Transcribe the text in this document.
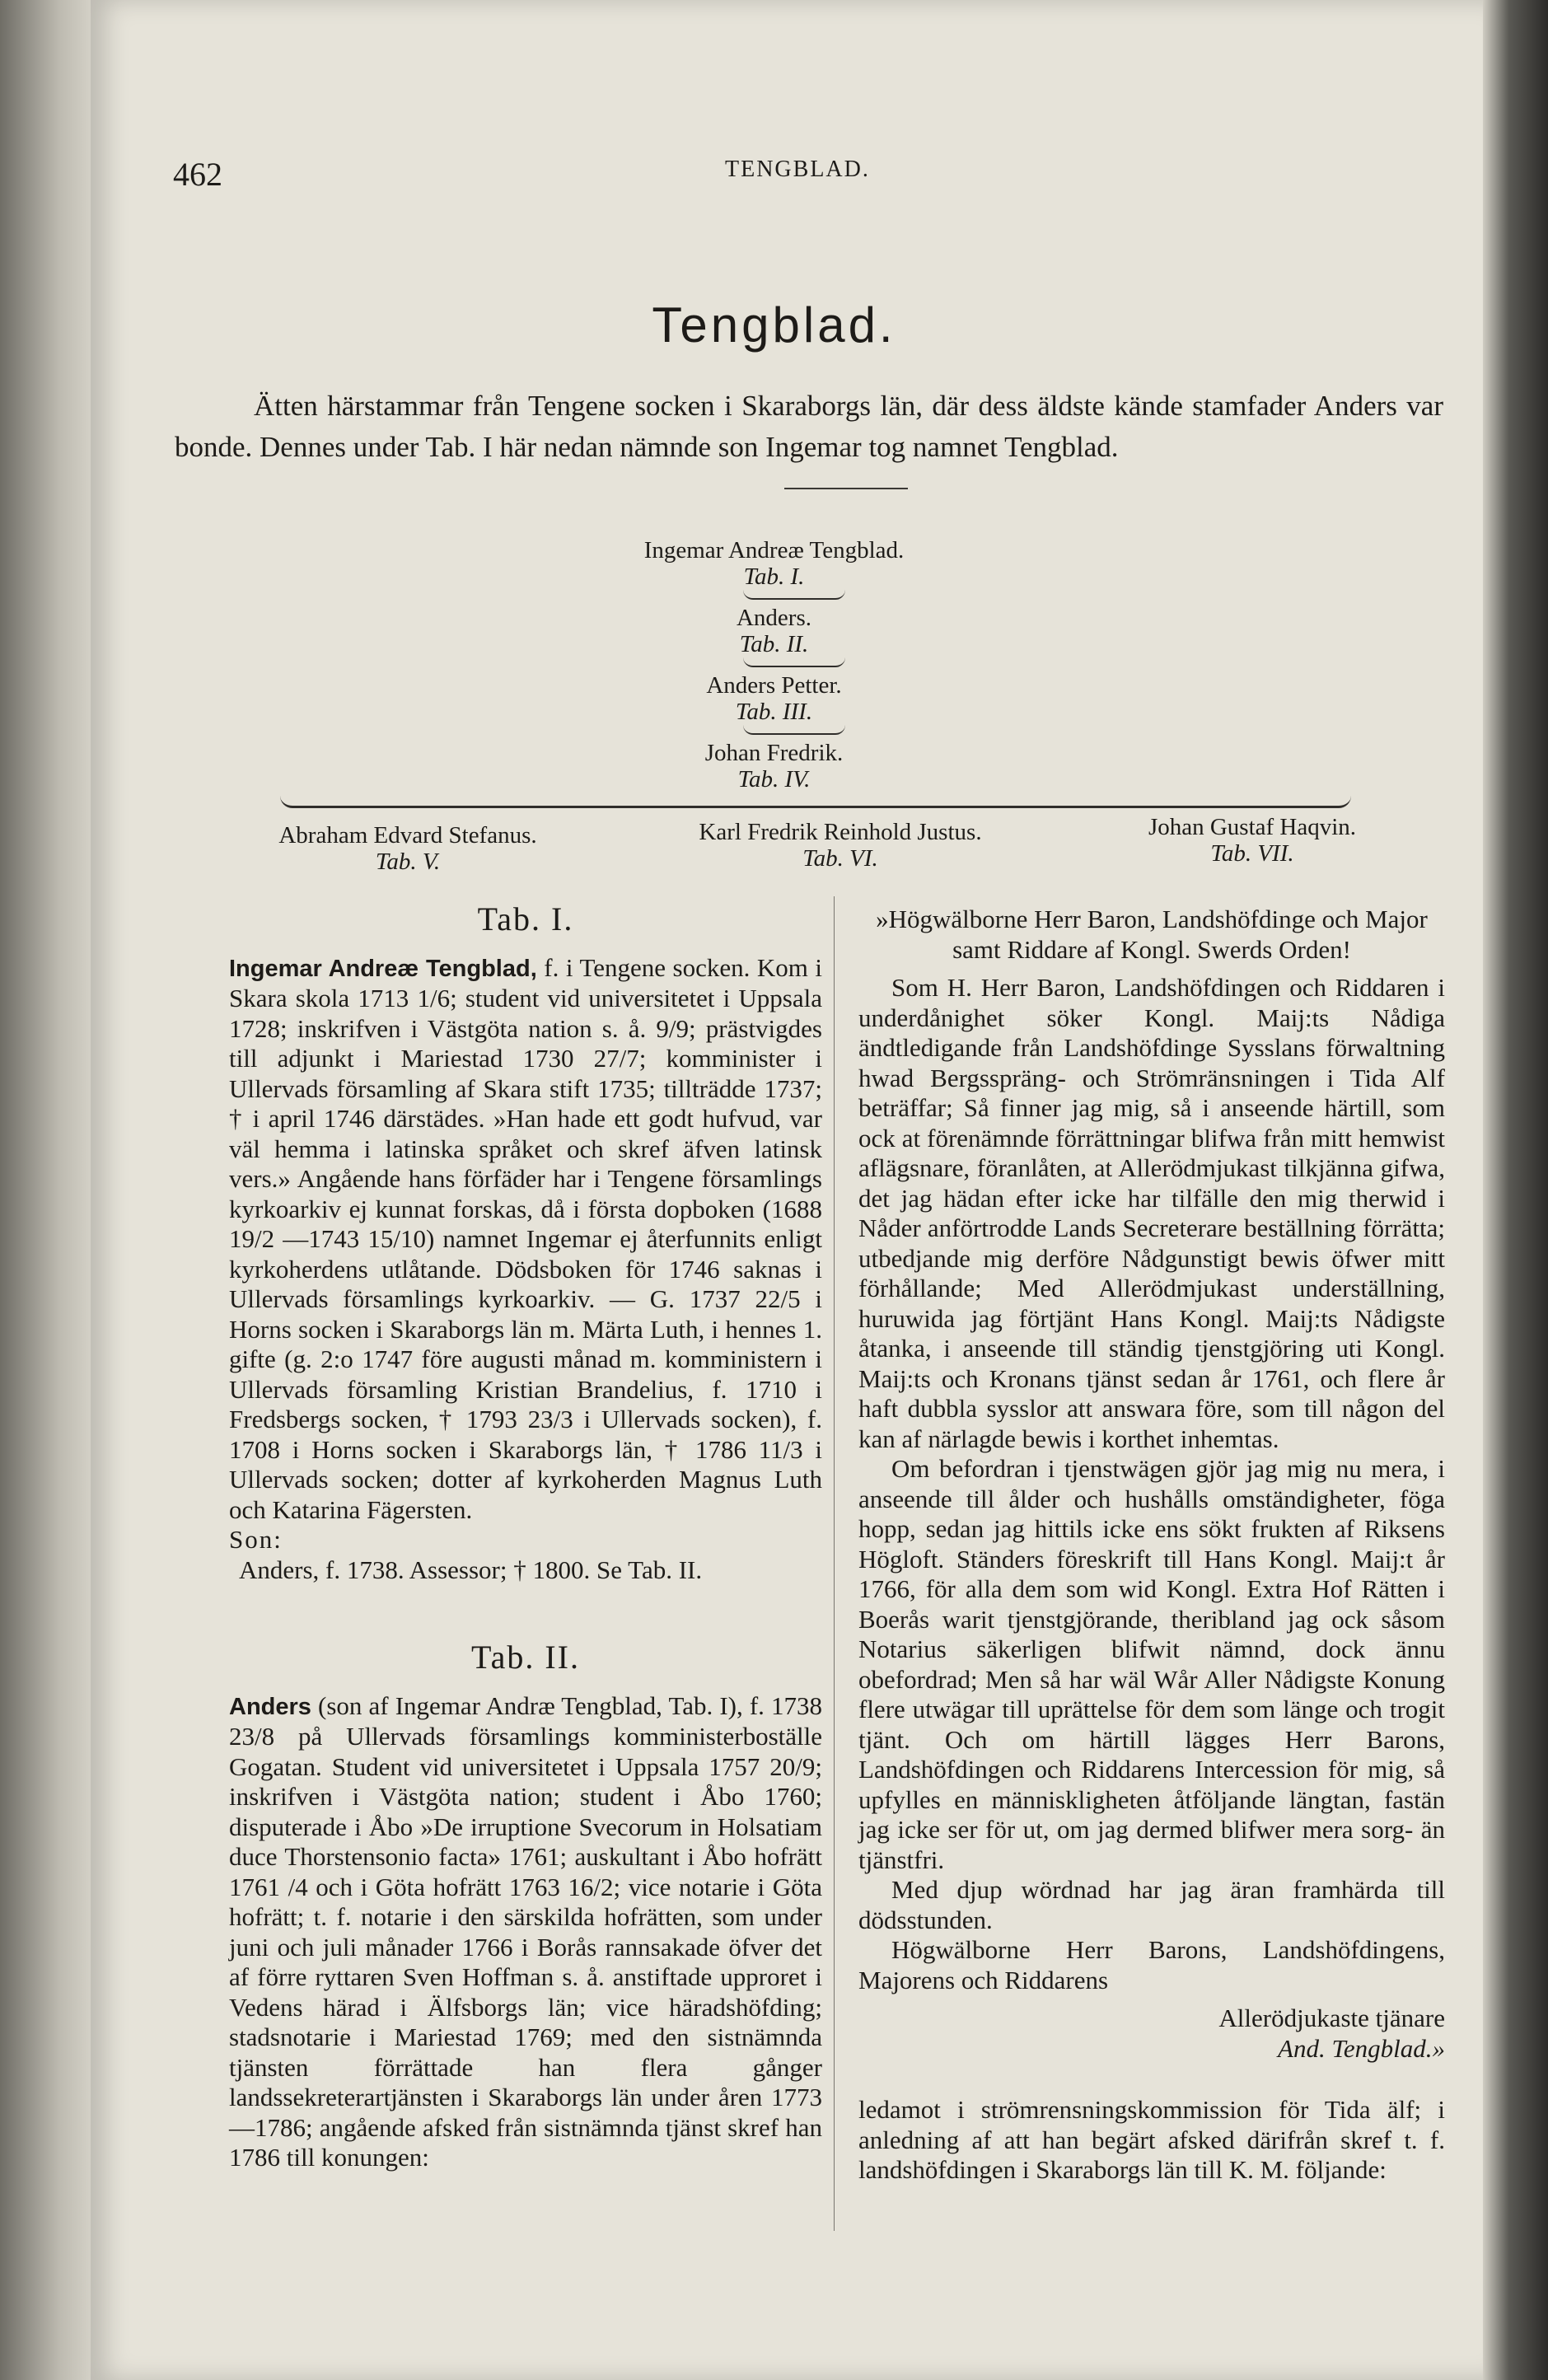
462	TENGBLAD.
Tengblad.

Ätten härstammar från Tengene socken i Skaraborgs län, där dess äldste kände stamfader Anders var bonde. Dennes under Tab. I här nedan nämnde son Ingemar tog namnet Tengblad.

Ingemar Andreæ Tengblad.
Tab. I.
Anders.
Tab. II.
Anders Petter.
Tab. III.
Johan Fredrik.
Tab. IV.
Abraham Edvard Stefanus.
Tab. V.
Karl Fredrik Reinhold Justus.
Tab. VI.
Johan Gustaf Haqvin.
Tab. VII.
Tab. I.

Ingemar Andreæ Tengblad, f. i Tengene socken. Kom i Skara skola 1713 1/6; student vid universitetet i Uppsala 1728; inskrifven i Västgöta nation s. å. 9/9; prästvigdes till adjunkt i Mariestad 1730 27/7; komminister i Ullervads församling af Skara stift 1735; tillträdde 1737; † i april 1746 därstädes. »Han hade ett godt hufvud, var väl hemma i latinska språket och skref äfven latinsk vers.» Angående hans förfäder har i Tengene församlings kyrkoarkiv ej kunnat forskas, då i första dopboken (1688 19/2 —1743 15/10) namnet Ingemar ej återfunnits enligt kyrkoherdens utlåtande. Dödsboken för 1746 saknas i Ullervads församlings kyrkoarkiv. — G. 1737 22/5 i Horns socken i Skaraborgs län m. Märta Luth, i hennes 1. gifte (g. 2:o 1747 före augusti månad m. komministern i Ullervads församling Kristian Brandelius, f. 1710 i Fredsbergs socken, † 1793 23/3 i Ullervads socken), f. 1708 i Horns socken i Skaraborgs län, † 1786 11/3 i Ullervads socken; dotter af kyrkoherden Magnus Luth och Katarina Fägersten.

Son:

Anders, f. 1738. Assessor; † 1800. Se Tab. II.

Tab. II.

Anders (son af Ingemar Andræ Tengblad, Tab. I), f. 1738 23/8 på Ullervads församlings komministerboställe Gogatan. Student vid universitetet i Uppsala 1757 20/9; inskrifven i Västgöta nation; student i Åbo 1760; disputerade i Åbo »De irruptione Svecorum in Holsatiam duce Thorstensonio facta» 1761; auskultant i Åbo hofrätt 1761 /4 och i Göta hofrätt 1763 16/2; vice notarie i Göta hofrätt; t. f. notarie i den särskilda hofrätten, som under juni och juli månader 1766 i Borås rannsakade öfver det af förre ryttaren Sven Hoffman s. å. anstiftade upproret i Vedens härad i Älfsborgs län; vice häradshöfding; stadsnotarie i Mariestad 1769; med den sistnämnda tjänsten förrättade han flera gånger landssekreterartjänsten i Skaraborgs län under åren 1773—1786; angående afsked från sistnämnda tjänst skref han 1786 till konungen:

»Högwälborne Herr Baron, Landshöfdinge och Major samt Riddare af Kongl. Swerds Orden!

Som H. Herr Baron, Landshöfdingen och Riddaren i underdånighet söker Kongl. Maij:ts Nådiga ändtledigande från Landshöfdinge Sysslans förwaltning hwad Bergsspräng- och Strömränsningen i Tida Alf beträffar; Så finner jag mig, så i anseende härtill, som ock at förenämnde förrättningar blifwa från mitt hemwist aflägsnare, föranlåten, at Allerödmjukast tilkjänna gifwa, det jag hädan efter icke har tilfälle den mig therwid i Nåder anförtrodde Lands Secreterare beställning förrätta; utbedjande mig derföre Nådgunstigt bewis öfwer mitt förhållande; Med Allerödmjukast underställning, huruwida jag förtjänt Hans Kongl. Maij:ts Nådigste åtanka, i anseende till ständig tjenstgjöring uti Kongl. Maij:ts och Kronans tjänst sedan år 1761, och flere år haft dubbla sysslor att answara före, som till någon del kan af närlagde bewis i korthet inhemtas.

Om befordran i tjenstwägen gjör jag mig nu mera, i anseende till ålder och hushålls omständigheter, föga hopp, sedan jag hittils icke ens sökt frukten af Riksens Högloft. Ständers föreskrift till Hans Kongl. Maij:t år 1766, för alla dem som wid Kongl. Extra Hof Rätten i Boerås warit tjenstgjörande, theribland jag ock såsom Notarius säkerligen blifwit nämnd, dock ännu obefordrad; Men så har wäl Wår Aller Nådigste Konung flere utwägar till uprättelse för dem som länge och trogit tjänt. Och om härtill lägges Herr Barons, Landshöfdingen och Riddarens Intercession för mig, så upfylles en människligheten åtföljande längtan, fastän jag icke ser för ut, om jag dermed blifwer mera sorg- än tjänstfri.

Med djup wördnad har jag äran framhärda till dödsstunden.

Högwälborne Herr Barons, Landshöfdingens, Majorens och Riddarens

Allerödjukaste tjänare

And. Tengblad.»

ledamot i strömrensningskommission för Tida älf; i anledning af att han begärt afsked därifrån skref t. f. landshöfdingen i Skaraborgs län till K. M. följande:
